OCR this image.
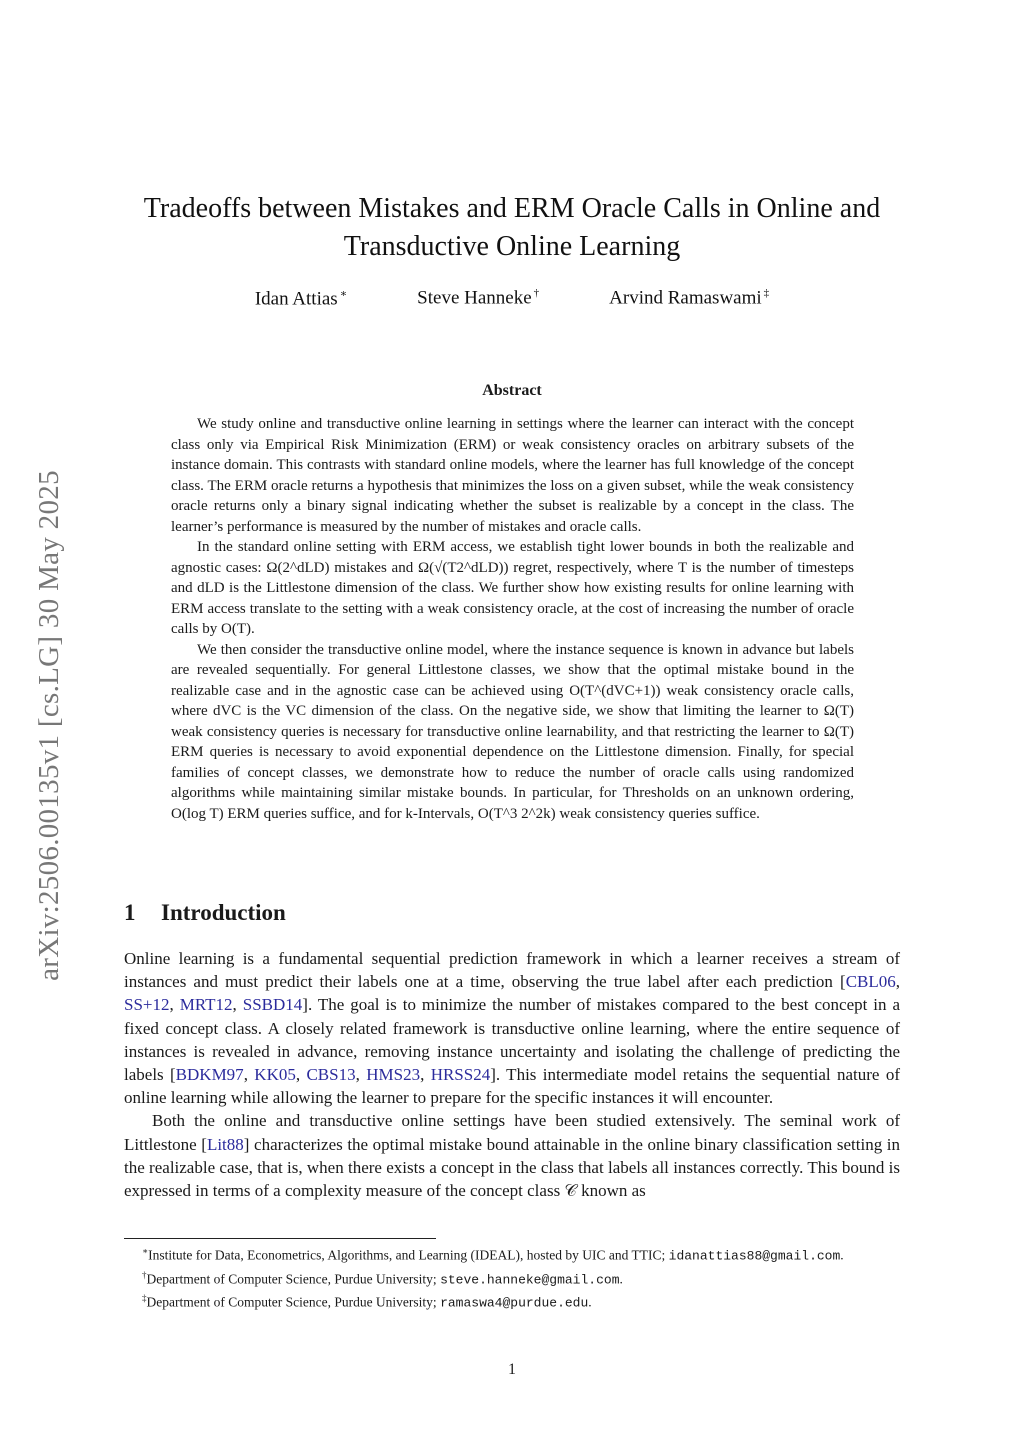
arXiv:2506.00135v1 [cs.LG] 30 May 2025
Tradeoffs between Mistakes and ERM Oracle Calls in Online and
Transductive Online Learning
Idan Attias ∗	Steve Hanneke †	Arvind Ramaswami ‡
Abstract

We study online and transductive online learning in settings where the learner can interact with the concept class only via Empirical Risk Minimization (ERM) or weak consistency oracles on arbitrary subsets of the instance domain. This contrasts with standard online models, where the learner has full knowledge of the concept class. The ERM oracle returns a hypothesis that minimizes the loss on a given subset, while the weak consistency oracle returns only a binary signal indicating whether the subset is realizable by a concept in the class. The learner’s performance is measured by the number of mistakes and oracle calls.

In the standard online setting with ERM access, we establish tight lower bounds in both the realizable and agnostic cases: Ω(2^dLD) mistakes and Ω(√(T2^dLD)) regret, respectively, where T is the number of timesteps and dLD is the Littlestone dimension of the class. We further show how existing results for online learning with ERM access translate to the setting with a weak consistency oracle, at the cost of increasing the number of oracle calls by O(T).

We then consider the transductive online model, where the instance sequence is known in advance but labels are revealed sequentially. For general Littlestone classes, we show that the optimal mistake bound in the realizable case and in the agnostic case can be achieved using O(T^(dVC+1)) weak consistency oracle calls, where dVC is the VC dimension of the class. On the negative side, we show that limiting the learner to Ω(T) weak consistency queries is necessary for transductive online learnability, and that restricting the learner to Ω(T) ERM queries is necessary to avoid exponential dependence on the Littlestone dimension. Finally, for special families of concept classes, we demonstrate how to reduce the number of oracle calls using randomized algorithms while maintaining similar mistake bounds. In particular, for Thresholds on an unknown ordering, O(log T) ERM queries suffice, and for k-Intervals, O(T^3 2^2k) weak consistency queries suffice.

1 Introduction

Online learning is a fundamental sequential prediction framework in which a learner receives a stream of instances and must predict their labels one at a time, observing the true label after each prediction [CBL06, SS+12, MRT12, SSBD14]. The goal is to minimize the number of mistakes compared to the best concept in a fixed concept class. A closely related framework is transductive online learning, where the entire sequence of instances is revealed in advance, removing instance uncertainty and isolating the challenge of predicting the labels [BDKM97, KK05, CBS13, HMS23, HRSS24]. This intermediate model retains the sequential nature of online learning while allowing the learner to prepare for the specific instances it will encounter.

Both the online and transductive online settings have been studied extensively. The seminal work of Littlestone [Lit88] characterizes the optimal mistake bound attainable in the online binary classification setting in the realizable case, that is, when there exists a concept in the class that labels all instances correctly. This bound is expressed in terms of a complexity measure of the concept class 𝒞 known as

∗Institute for Data, Econometrics, Algorithms, and Learning (IDEAL), hosted by UIC and TTIC; idanattias88@gmail.com.

†Department of Computer Science, Purdue University; steve.hanneke@gmail.com.

‡Department of Computer Science, Purdue University; ramaswa4@purdue.edu.

1
